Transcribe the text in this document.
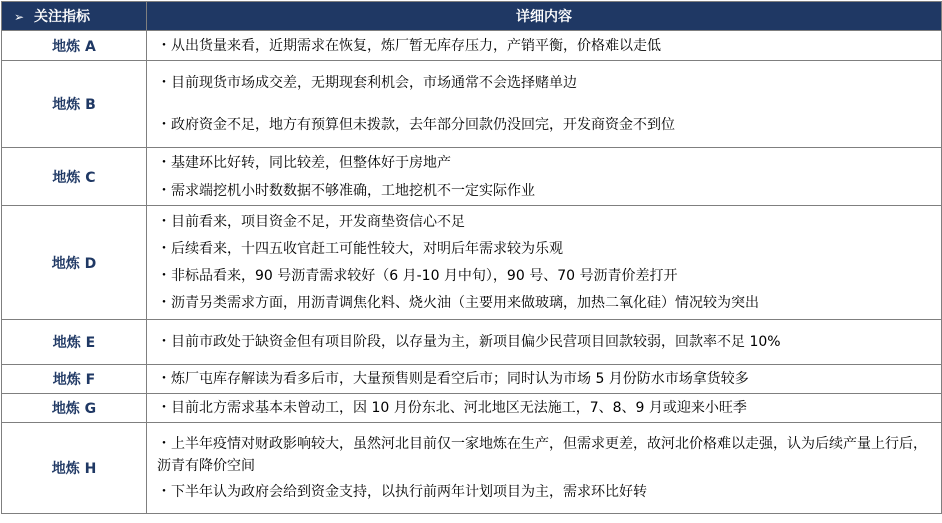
➢ 关注指标	详细内容
地炼 A	・从出货量来看，近期需求在恢复，炼厂暂无库存压力，产销平衡，价格难以走低

地炼 B	・目前现货市场成交差，无期现套利机会，市场通常不会选择赌单边
・政府资金不足，地方有预算但未拨款，去年部分回款仍没回完，开发商资金不到位

地炼 C	・基建环比好转，同比较差，但整体好于房地产
・需求端挖机小时数数据不够准确，工地挖机不一定实际作业

地炼 D	・目前看来，项目资金不足，开发商垫资信心不足
・后续看来，十四五收官赶工可能性较大，对明后年需求较为乐观
・非标品看来，90 号沥青需求较好（6 月-10 月中旬），90 号、70 号沥青价差打开
・沥青另类需求方面，用沥青调焦化料、烧火油（主要用来做玻璃，加热二氧化硅）情况较为突出

地炼 E	・目前市政处于缺资金但有项目阶段，以存量为主，新项目偏少民营项目回款较弱，回款率不足 10%

地炼 F	・炼厂屯库存解读为看多后市，大量预售则是看空后市；同时认为市场 5 月份防水市场拿货较多

地炼 G	・目前北方需求基本未曾动工，因 10 月份东北、河北地区无法施工，7、8、9 月或迎来小旺季

地炼 H	・上半年疫情对财政影响较大，虽然河北目前仅一家地炼在生产，但需求更差，故河北价格难以走强，认为后续产量上行后，沥青有降价空间
・下半年认为政府会给到资金支持，以执行前两年计划项目为主，需求环比好转
